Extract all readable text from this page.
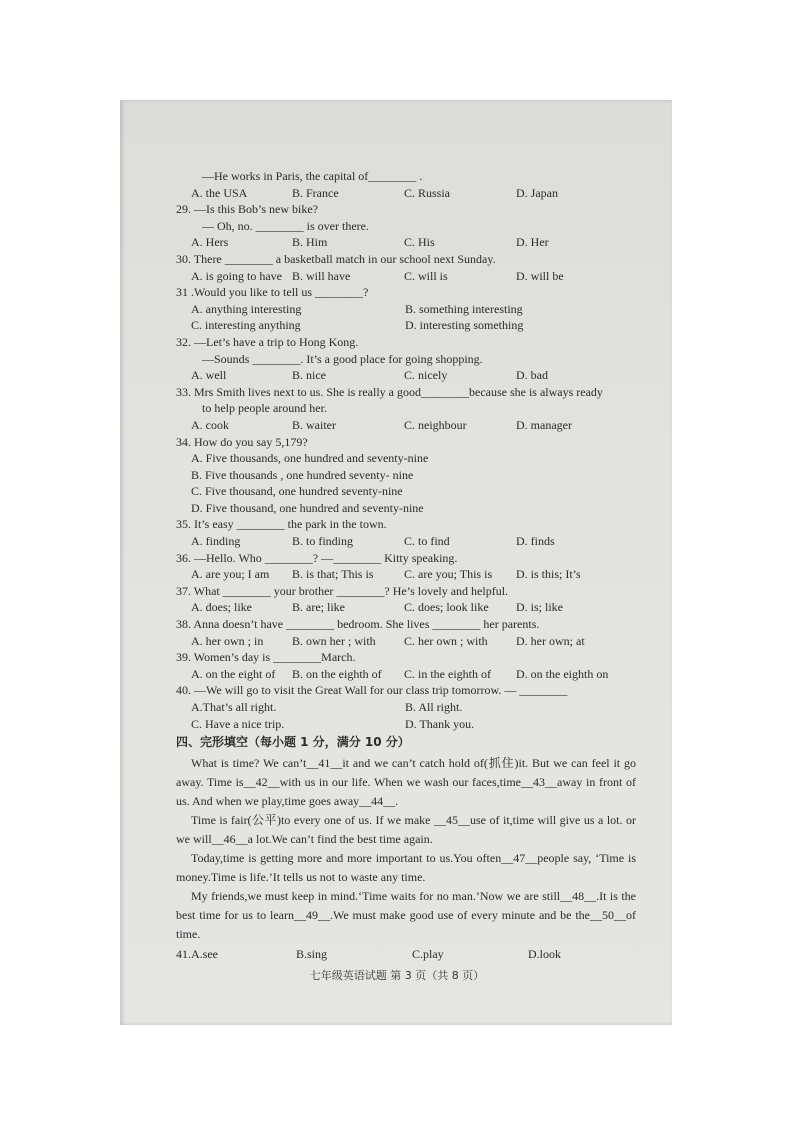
—He works in Paris, the capital of________ .
A. the USA	B. France	C. Russia	D. Japan
29. —Is this Bob’s new bike?
— Oh, no. ________ is over there.
A. Hers	B. Him	C. His	D. Her
30. There ________ a basketball match in our school next Sunday.
A. is going to have B. will have	C. will is	D. will be
31 .Would you like to tell us ________?
A. anything interesting	B. something interesting
C. interesting anything	D. interesting something
32. —Let’s have a trip to Hong Kong.
—Sounds ________. It’s a good place for going shopping.
A. well	B. nice	C. nicely	D. bad
33. Mrs Smith lives next to us. She is really a good________because she is always ready
to help people around her.
A. cook	B. waiter	C. neighbour	D. manager
34. How do you say 5,179?
A. Five thousands, one hundred and seventy-nine
B. Five thousands , one hundred seventy- nine
C. Five thousand, one hundred seventy-nine
D. Five thousand, one hundred and seventy-nine
35. It’s easy ________ the park in the town.
A. finding	B. to finding	C. to find	D. finds
36. —Hello. Who ________? —________ Kitty speaking.
A. are you; I am B. is that; This is	C. are you; This is D. is this; It’s
37. What ________ your brother ________? He’s lovely and helpful.
A. does; like	B. are; like	C. does; look like D. is; like
38. Anna doesn’t have ________ bedroom. She lives ________ her parents.
A. her own ; in B. own her ; with C. her own ; with D. her own; at
39. Women’s day is ________March.
A. on the eight of B. on the eighth of C. in the eighth of D. on the eighth on
40. —We will go to visit the Great Wall for our class trip tomorrow. — ________
A.That’s all right.	B. All right.
C. Have a nice trip.	D. Thank you.
四、完形填空（每小题 1 分，满分 10 分）
What is time? We can’t__41__it and we can’t catch hold of(抓住)it. But we can feel it go away. Time is__42__with us in our life. When we wash our faces,time__43__away in front of us. And when we play,time goes away__44__.
Time is fair(公平)to every one of us. If we make __45__use of it,time will give us a lot. or we will__46__a lot.We can’t find the best time again.
Today,time is getting more and more important to us.You often__47__people say, ‘Time is money.Time is life.’It tells us not to waste any time.
My friends,we must keep in mind.‘Time waits for no man.’Now we are still__48__.It is the best time for us to learn__49__.We must make good use of every minute and be the__50__of time.
41.A.see	B.sing	C.play	D.look
七年级英语试题 第 3 页（共 8 页）
